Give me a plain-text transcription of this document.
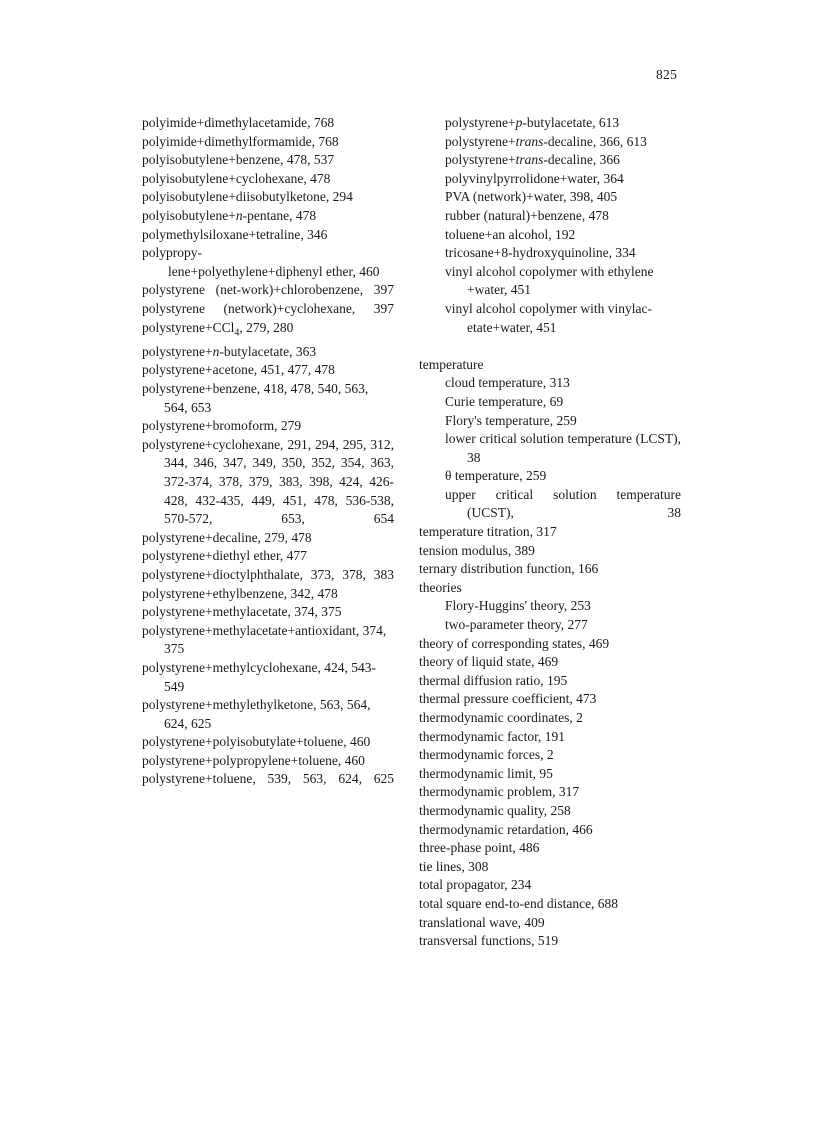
825

polyimide+dimethylacetamide, 768

polyimide+dimethylformamide, 768

polyisobutylene+benzene, 478, 537

polyisobutylene+cyclohexane, 478

polyisobutylene+diisobutylketone, 294

polyisobutylene+n-pentane, 478

polymethylsiloxane+tetraline, 346

polypropy-

lene+polyethylene+diphenyl ether, 460

polystyrene (net-work)+chlorobenzene, 397

polystyrene (network)+cyclohexane, 397

polystyrene+CCl$_4$, 279, 280

polystyrene+n-butylacetate, 363

polystyrene+acetone, 451, 477, 478

polystyrene+benzene, 418, 478, 540, 563, 564, 653

polystyrene+bromoform, 279

polystyrene+cyclohexane, 291, 294, 295, 312, 344, 346, 347, 349, 350, 352, 354, 363, 372-374, 378, 379, 383, 398, 424, 426-428, 432-435, 449, 451, 478, 536-538, 570-572, 653, 654

polystyrene+decaline, 279, 478

polystyrene+diethyl ether, 477

polystyrene+dioctylphthalate, 373, 378, 383

polystyrene+ethylbenzene, 342, 478

polystyrene+methylacetate, 374, 375

polystyrene+methylacetate+antioxidant, 374, 375

polystyrene+methylcyclohexane, 424, 543-549

polystyrene+methylethylketone, 563, 564, 624, 625

polystyrene+polyisobutylate+toluene, 460

polystyrene+polypropylene+toluene, 460

polystyrene+toluene, 539, 563, 624, 625

polystyrene+p-butylacetate, 613

polystyrene+trans-decaline, 366, 613

polystyrene+trans-decaline, 366

polyvinylpyrrolidone+water, 364

PVA (network)+water, 398, 405

rubber (natural)+benzene, 478

toluene+an alcohol, 192

tricosane+8-hydroxyquinoline, 334

vinyl alcohol copolymer with ethylene +water, 451

vinyl alcohol copolymer with vinylac-etate+water, 451

temperature

cloud temperature, 313

Curie temperature, 69

Flory's temperature, 259

lower critical solution temperature (LCST), 38

θ temperature, 259

upper critical solution temperature (UCST), 38

temperature titration, 317

tension modulus, 389

ternary distribution function, 166

theories

Flory-Huggins' theory, 253

two-parameter theory, 277

theory of corresponding states, 469

theory of liquid state, 469

thermal diffusion ratio, 195

thermal pressure coefficient, 473

thermodynamic coordinates, 2

thermodynamic factor, 191

thermodynamic forces, 2

thermodynamic limit, 95

thermodynamic problem, 317

thermodynamic quality, 258

thermodynamic retardation, 466

three-phase point, 486

tie lines, 308

total propagator, 234

total square end-to-end distance, 688

translational wave, 409

transversal functions, 519
